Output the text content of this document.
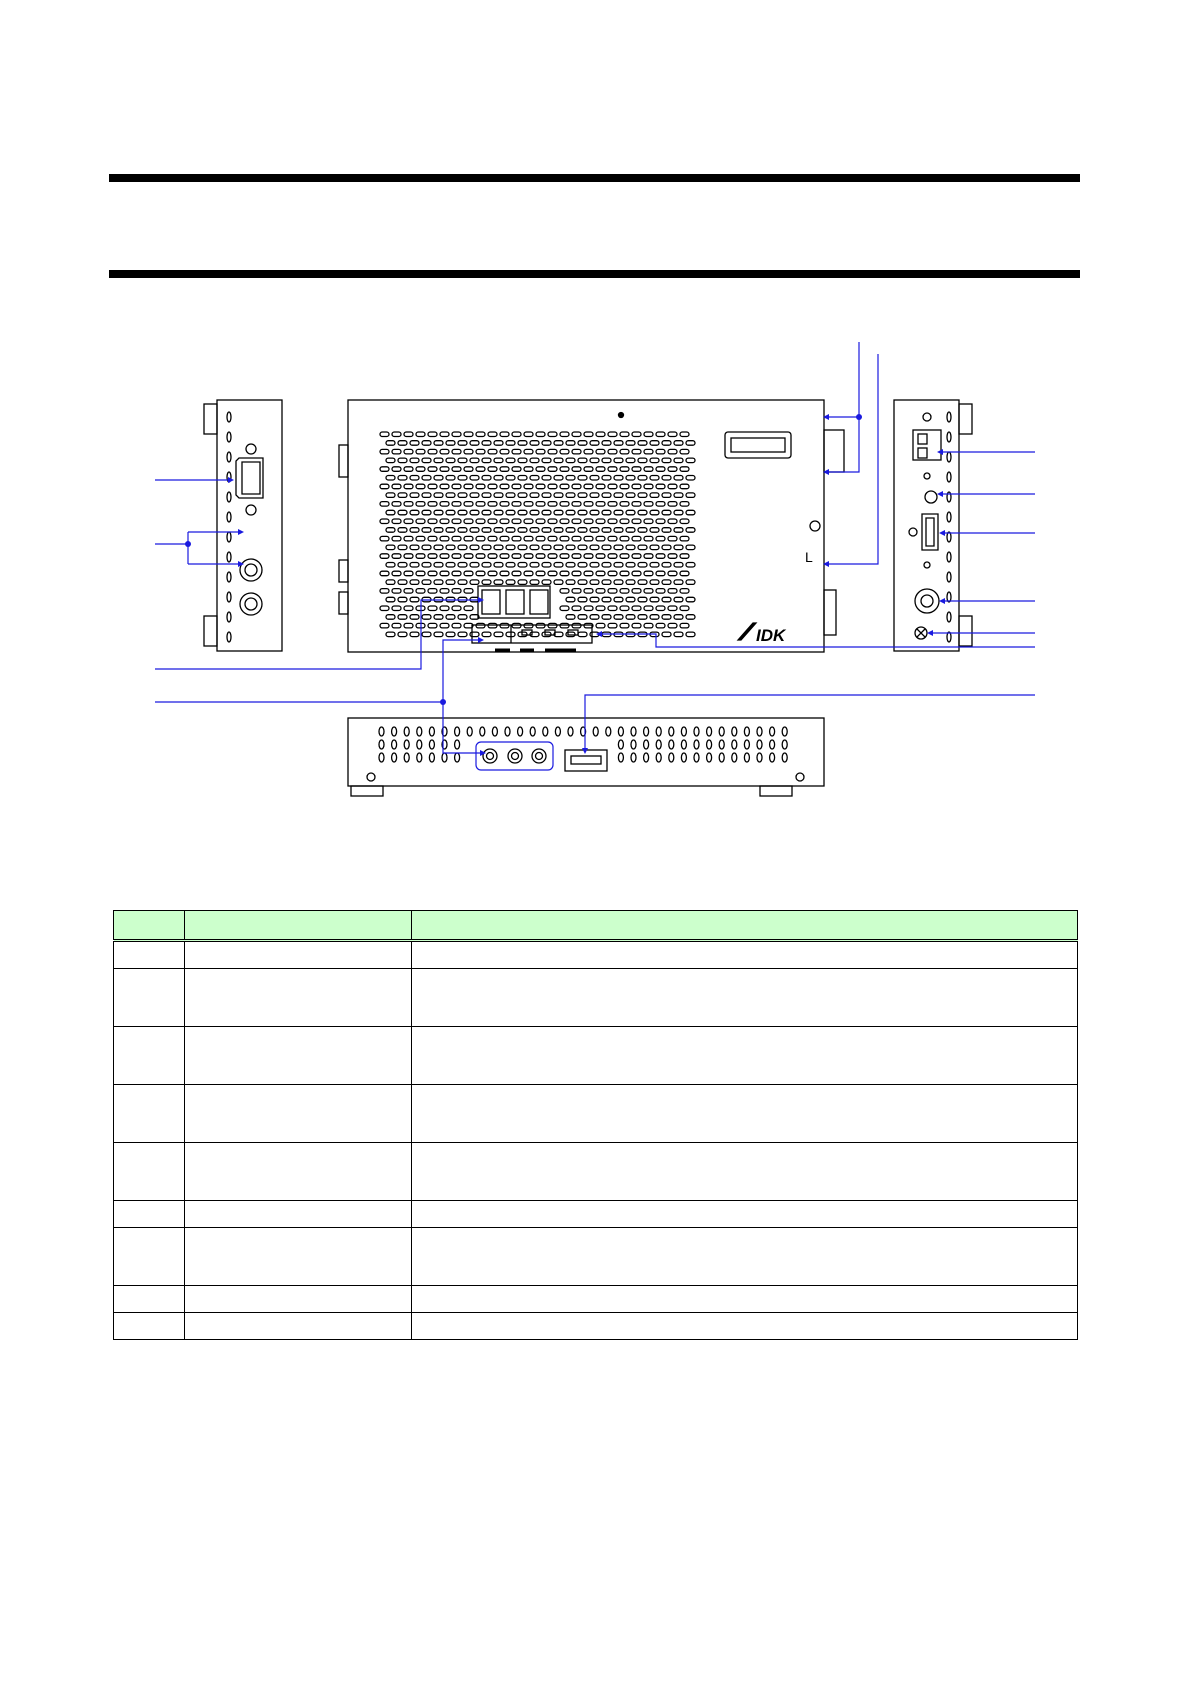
L
IDK
